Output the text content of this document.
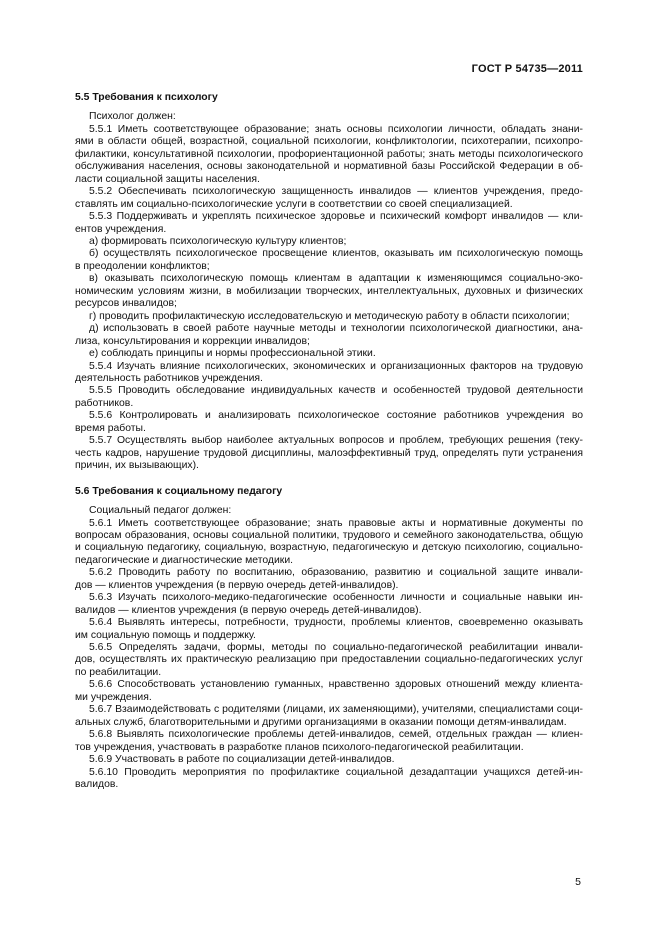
ГОСТ Р 54735—2011
5.5 Требования к психологу
Психолог должен:
5.5.1 Иметь соответствующее образование; знать основы психологии личности, обладать знани-
ями в области общей, возрастной, социальной психологии, конфликтологии, психотерапии, психопро-
филактики, консультативной психологии, профориентационной работы; знать методы психологического
обслуживания населения, основы законодательной и нормативной базы Российской Федерации в об-
ласти социальной защиты населения.
5.5.2 Обеспечивать психологическую защищенность инвалидов — клиентов учреждения, предо-
ставлять им социально-психологические услуги в соответствии со своей специализацией.
5.5.3 Поддерживать и укреплять психическое здоровье и психический комфорт инвалидов — кли-
ентов учреждения.
а) формировать психологическую культуру клиентов;
б) осуществлять психологическое просвещение клиентов, оказывать им психологическую помощь
в преодолении конфликтов;
в) оказывать психологическую помощь клиентам в адаптации к изменяющимся социально-эко-
номическим условиям жизни, в мобилизации творческих, интеллектуальных, духовных и физических
ресурсов инвалидов;
г) проводить профилактическую исследовательскую и методическую работу в области психологии;
д) использовать в своей работе научные методы и технологии психологической диагностики, ана-
лиза, консультирования и коррекции инвалидов;
е) соблюдать принципы и нормы профессиональной этики.
5.5.4 Изучать влияние психологических, экономических и организационных факторов на трудовую
деятельность работников учреждения.
5.5.5 Проводить обследование индивидуальных качеств и особенностей трудовой деятельности
работников.
5.5.6 Контролировать и анализировать психологическое состояние работников учреждения во
время работы.
5.5.7 Осуществлять выбор наиболее актуальных вопросов и проблем, требующих решения (теку-
честь кадров, нарушение трудовой дисциплины, малоэффективный труд, определять пути устранения
причин, их вызывающих).
5.6 Требования к социальному педагогу
Социальный педагог должен:
5.6.1 Иметь соответствующее образование; знать правовые акты и нормативные документы по
вопросам образования, основы социальной политики, трудового и семейного законодательства, общую
и социальную педагогику, социальную, возрастную, педагогическую и детскую психологию, социально-
педагогические и диагностические методики.
5.6.2 Проводить работу по воспитанию, образованию, развитию и социальной защите инвали-
дов — клиентов учреждения (в первую очередь детей-инвалидов).
5.6.3 Изучать психолого-медико-педагогические особенности личности и социальные навыки ин-
валидов — клиентов учреждения (в первую очередь детей-инвалидов).
5.6.4 Выявлять интересы, потребности, трудности, проблемы клиентов, своевременно оказывать
им социальную помощь и поддержку.
5.6.5 Определять задачи, формы, методы по социально-педагогической реабилитации инвали-
дов, осуществлять их практическую реализацию при предоставлении социально-педагогических услуг
по реабилитации.
5.6.6 Способствовать установлению гуманных, нравственно здоровых отношений между клиента-
ми учреждения.
5.6.7 Взаимодействовать с родителями (лицами, их заменяющими), учителями, специалистами соци-
альных служб, благотворительными и другими организациями в оказании помощи детям-инвалидам.
5.6.8 Выявлять психологические проблемы детей-инвалидов, семей, отдельных граждан — клиен-
тов учреждения, участвовать в разработке планов психолого-педагогической реабилитации.
5.6.9 Участвовать в работе по социализации детей-инвалидов.
5.6.10 Проводить мероприятия по профилактике социальной дезадаптации учащихся детей-ин-
валидов.
5
